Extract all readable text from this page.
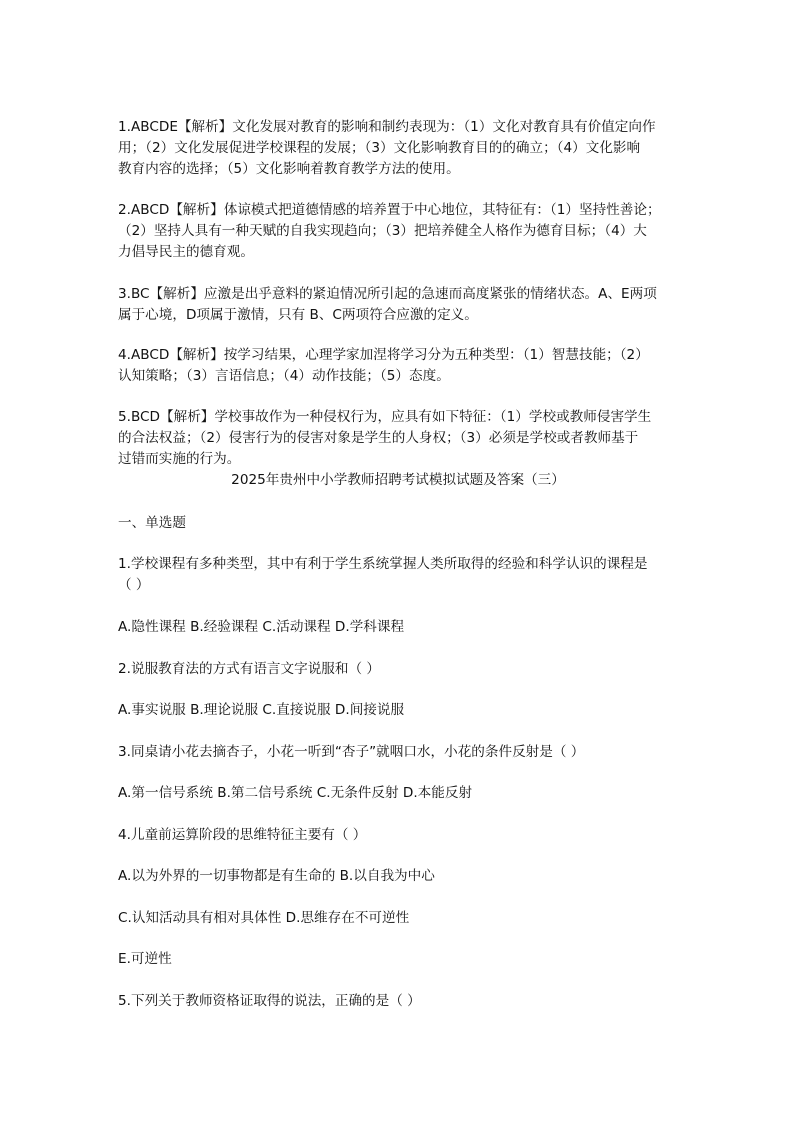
1.ABCDE【解析】文化发展对教育的影响和制约表现为：（1）文化对教育具有价值定向作
用；（2）文化发展促进学校课程的发展；（3）文化影响教育目的的确立；（4）文化影响
教育内容的选择；（5）文化影响着教育教学方法的使用。
2.ABCD【解析】体谅模式把道德情感的培养置于中心地位，其特征有：（1）坚持性善论；
（2）坚持人具有一种天赋的自我实现趋向；（3）把培养健全人格作为德育目标；（4）大
力倡导民主的德育观。
3.BC【解析】应激是出乎意料的紧迫情况所引起的急速而高度紧张的情绪状态。A、E两项
属于心境，D项属于激情，只有 B、C两项符合应激的定义。
4.ABCD【解析】按学习结果，心理学家加涅将学习分为五种类型：（1）智慧技能；（2）
认知策略；（3）言语信息；（4）动作技能；（5）态度。
5.BCD【解析】学校事故作为一种侵权行为，应具有如下特征：（1）学校或教师侵害学生
的合法权益；（2）侵害行为的侵害对象是学生的人身权；（3）必须是学校或者教师基于
过错而实施的行为。
2025年贵州中小学教师招聘考试模拟试题及答案（三）
一、单选题
1.学校课程有多种类型，其中有利于学生系统掌握人类所取得的经验和科学认识的课程是
（ ）
A.隐性课程 B.经验课程 C.活动课程 D.学科课程
2.说服教育法的方式有语言文字说服和（ ）
A.事实说服 B.理论说服 C.直接说服 D.间接说服
3.同桌请小花去摘杏子，小花一听到“杏子”就咽口水，小花的条件反射是（ ）
A.第一信号系统 B.第二信号系统 C.无条件反射 D.本能反射
4.儿童前运算阶段的思维特征主要有（ ）
A.以为外界的一切事物都是有生命的 B.以自我为中心
C.认知活动具有相对具体性 D.思维存在不可逆性
E.可逆性
5.下列关于教师资格证取得的说法，正确的是（ ）
